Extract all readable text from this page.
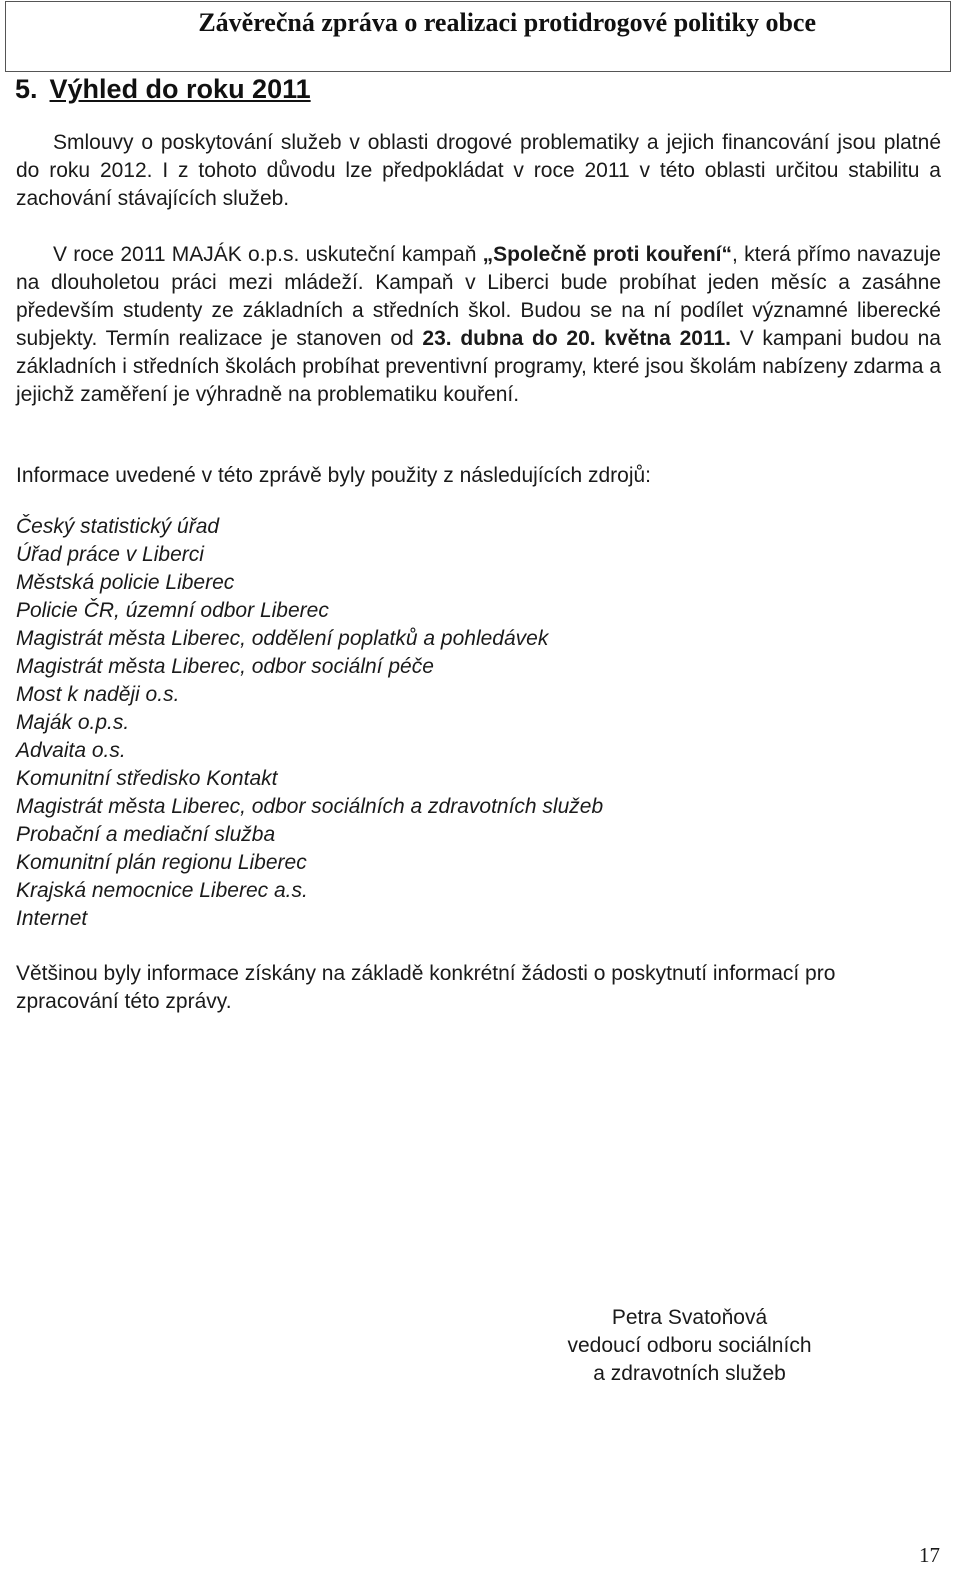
Závěrečná zpráva o realizaci protidrogové politiky obce
5. Výhled do roku 2011
Smlouvy o poskytování služeb v oblasti drogové problematiky a jejich financování jsou platné do roku 2012. I z tohoto důvodu lze předpokládat v roce 2011 v této oblasti určitou stabilitu a zachování stávajících služeb.
V roce 2011 MAJÁK o.p.s. uskuteční kampaň „Společně proti kouření“, která přímo navazuje na dlouholetou práci mezi mládeží. Kampaň v Liberci bude probíhat jeden měsíc a zasáhne především studenty ze základních a středních škol. Budou se na ní podílet významné liberecké subjekty. Termín realizace je stanoven od 23. dubna do 20. května 2011. V kampani budou na základních i středních školách probíhat preventivní programy, které jsou školám nabízeny zdarma a jejichž zaměření je výhradně na problematiku kouření.
Informace uvedené v této zprávě byly použity z následujících zdrojů:
Český statistický úřad
Úřad práce v Liberci
Městská policie Liberec
Policie ČR, územní odbor Liberec
Magistrát města Liberec, oddělení poplatků a pohledávek
Magistrát města Liberec, odbor sociální péče
Most k naději o.s.
Maják o.p.s.
Advaita o.s.
Komunitní středisko Kontakt
Magistrát města Liberec, odbor sociálních a zdravotních služeb
Probační a mediační služba
Komunitní plán regionu Liberec
Krajská nemocnice Liberec a.s.
Internet
Většinou byly informace získány na základě konkrétní žádosti o poskytnutí informací pro zpracování této zprávy.
Petra Svatoňová
vedoucí odboru sociálních
a zdravotních služeb
17
